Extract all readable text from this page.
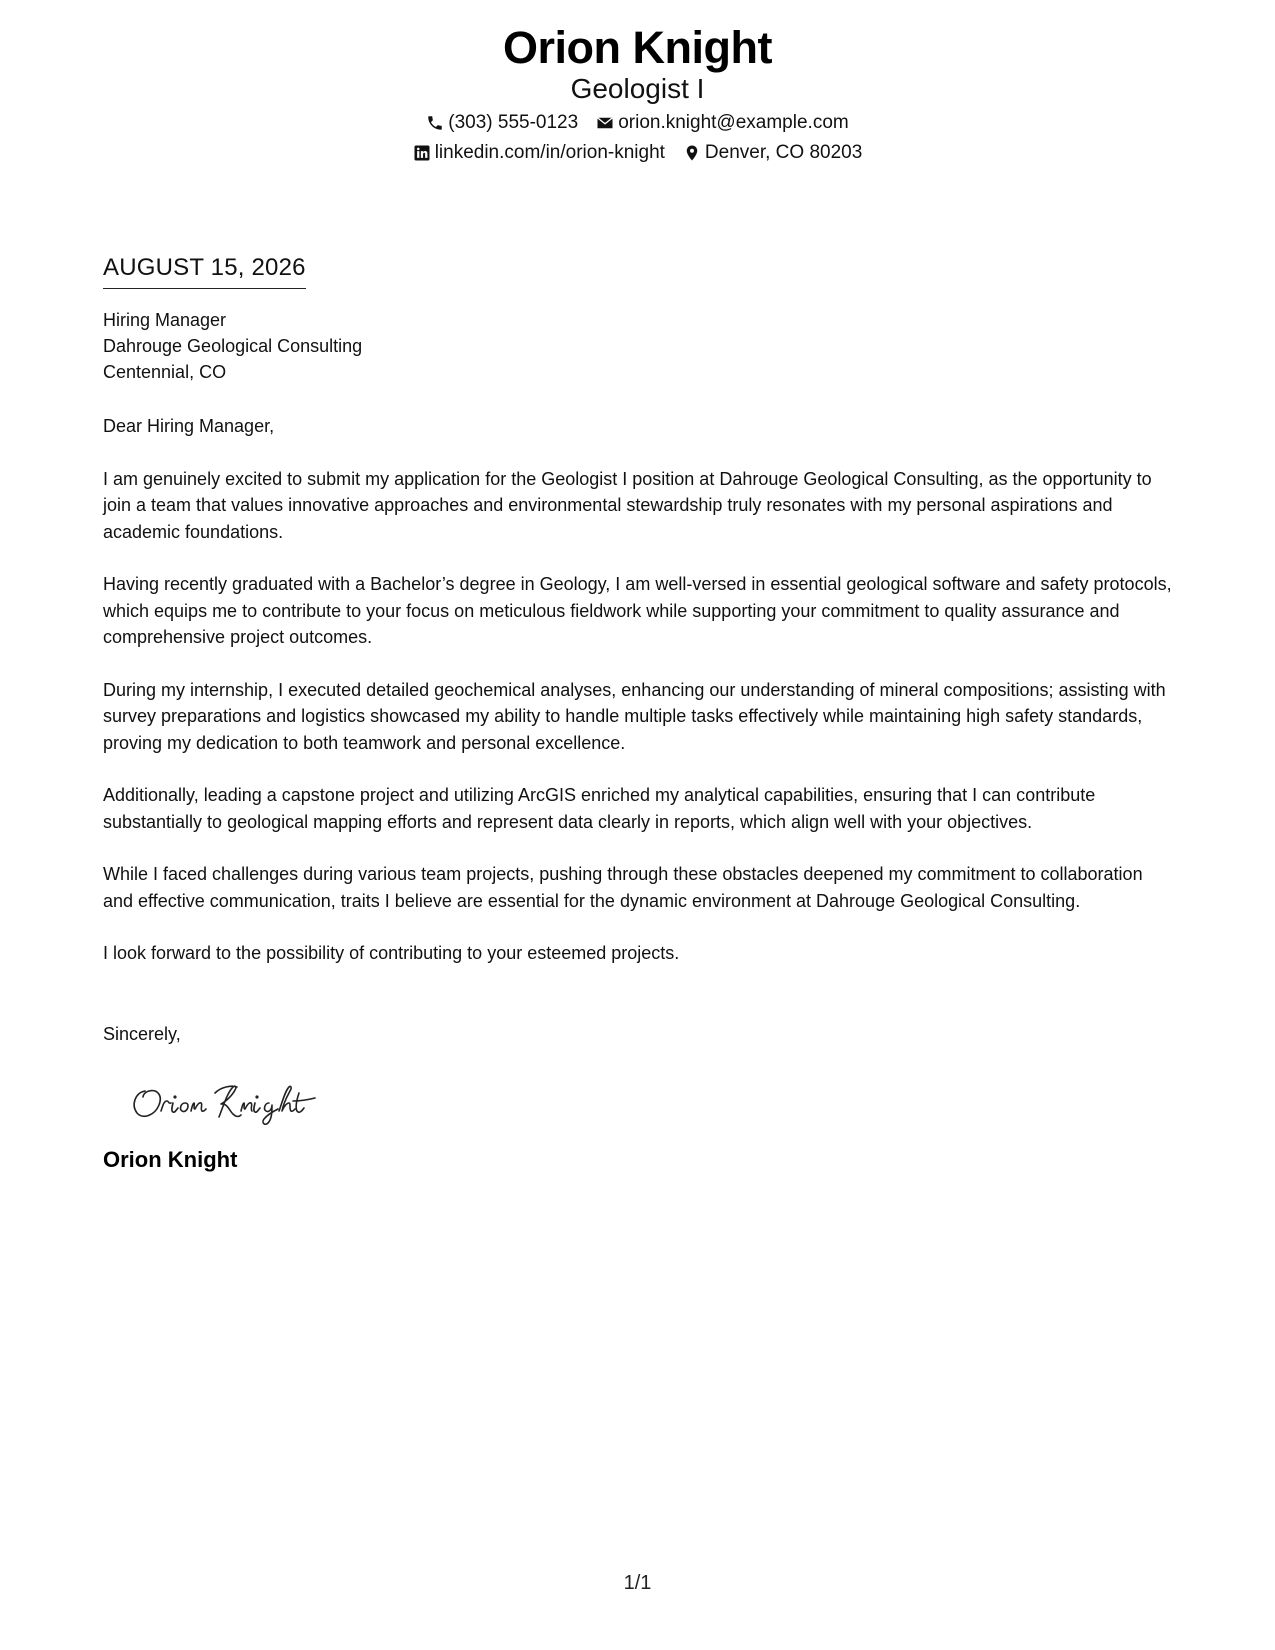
Orion Knight
Geologist I
(303) 555-0123 orion.knight@example.com
linkedin.com/in/orion-knight Denver, CO 80203
AUGUST 15, 2026
Hiring Manager
Dahrouge Geological Consulting
Centennial, CO
Dear Hiring Manager,
I am genuinely excited to submit my application for the Geologist I position at Dahrouge Geological Consulting, as the opportunity to join a team that values innovative approaches and environmental stewardship truly resonates with my personal aspirations and academic foundations.
Having recently graduated with a Bachelor’s degree in Geology, I am well-versed in essential geological software and safety protocols, which equips me to contribute to your focus on meticulous fieldwork while supporting your commitment to quality assurance and comprehensive project outcomes.
During my internship, I executed detailed geochemical analyses, enhancing our understanding of mineral compositions; assisting with survey preparations and logistics showcased my ability to handle multiple tasks effectively while maintaining high safety standards, proving my dedication to both teamwork and personal excellence.
Additionally, leading a capstone project and utilizing ArcGIS enriched my analytical capabilities, ensuring that I can contribute substantially to geological mapping efforts and represent data clearly in reports, which align well with your objectives.
While I faced challenges during various team projects, pushing through these obstacles deepened my commitment to collaboration and effective communication, traits I believe are essential for the dynamic environment at Dahrouge Geological Consulting.
I look forward to the possibility of contributing to your esteemed projects.
Sincerely,
Orion Knight
1/1
